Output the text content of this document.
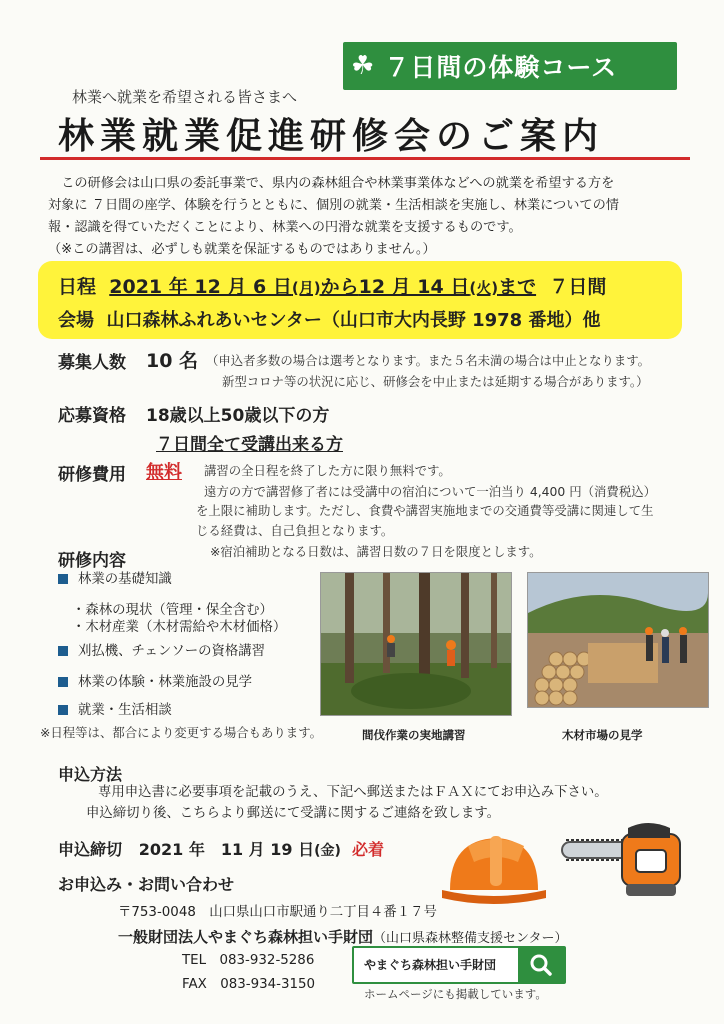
☘ ７日間の体験コース
林業へ就業を希望される皆さまへ
林業就業促進研修会のご案内

この研修会は山口県の委託事業で、県内の森林組合や林業事業体などへの就業を希望する方を

対象に ７日間の座学、体験を行うとともに、個別の就業・生活相談を実施し、林業についての情

報・認識を得ていただくことにより、林業への円滑な就業を支援するものです。

（※この講習は、必ずしも就業を保証するものではありません。）

日程 2021 年 12 月 6 日(月)から12 月 14 日(火)まで ７日間
会場 山口森林ふれあいセンター（山口市大内長野 1978 番地）他
募集人数 10 名 （申込者多数の場合は選考となります。また５名未満の場合は中止となります。
新型コロナ等の状況に応じ、研修会を中止または延期する場合があります。）
応募資格 18歳以上50歳以下の方
７日間全て受講出来る方
研修費用 無料 講習の全日程を終了した方に限り無料です。
遠方の方で講習修了者には受講中の宿泊について一泊当り 4,400 円（消費税込）
を上限に補助します。ただし、食費や講習実施地までの交通費等受講に関連して生
じる経費は、自己負担となります。
※宿泊補助となる日数は、講習日数の７日を限度とします。
研修内容
林業の基礎知識
・森林の現状（管理・保全含む）
・木材産業（木材需給や木材価格）
刈払機、チェンソーの資格講習
林業の体験・林業施設の見学
就業・生活相談
※日程等は、都合により変更する場合もあります。	間伐作業の実地講習	木材市場の見学
申込方法
専用申込書に必要事項を記載のうえ、下記へ郵送またはＦＡＸにてお申込み下さい。
申込締切り後、こちらより郵送にて受講に関するご連絡を致します。
申込締切 2021 年　11 月 19 日(金) 必着
お申込み・お問い合わせ
〒753-0048　山口県山口市駅通り二丁目４番１７号
一般財団法人やまぐち森林担い手財団（山口県森林整備支援センター）
TEL　083-932-5286
FAX　083-934-3150
やまぐち森林担い手財団
ホームページにも掲載しています。
